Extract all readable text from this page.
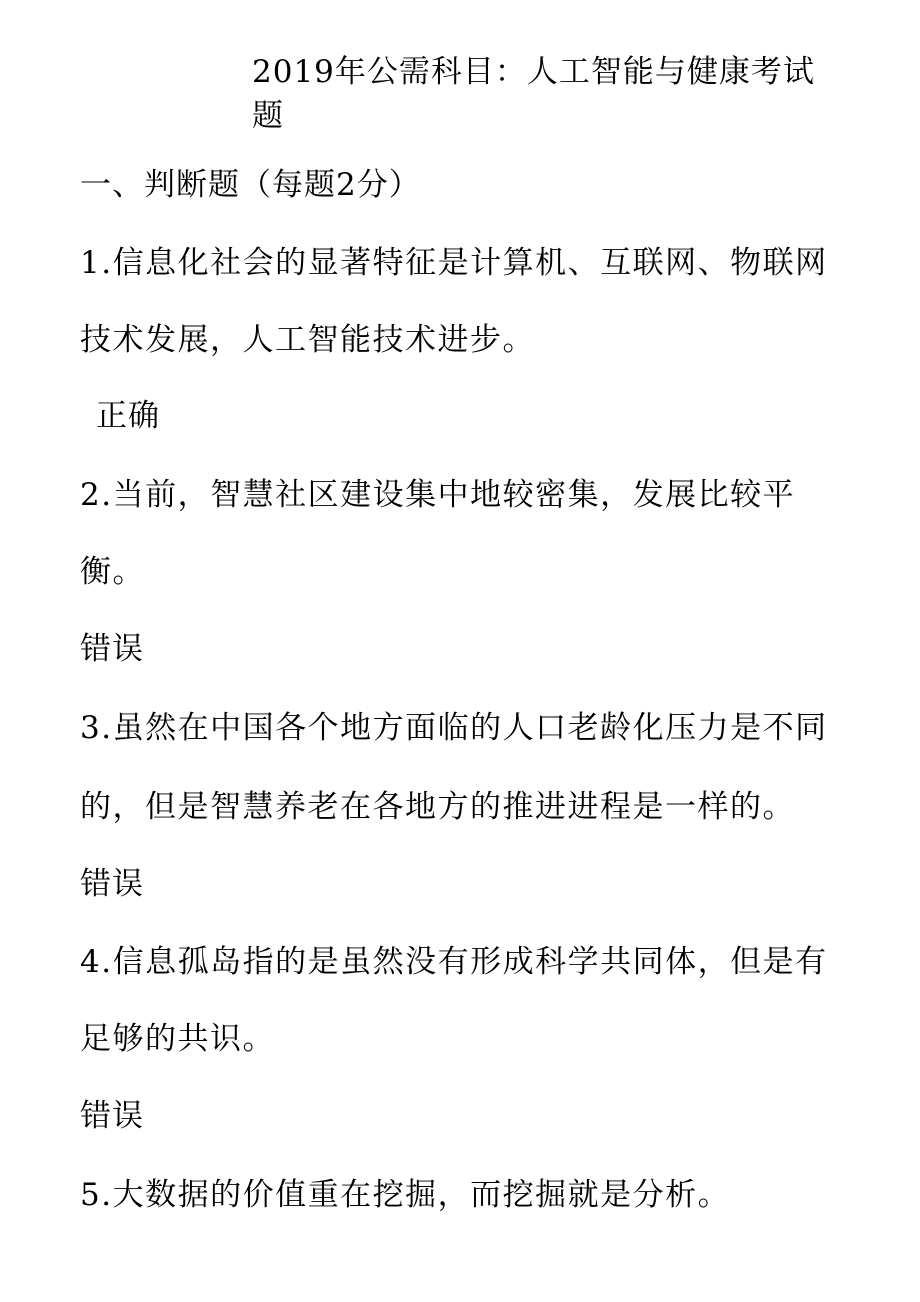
2019年公需科目：人工智能与健康考试
题
一、判断题（每题2分）
1.信息化社会的显著特征是计算机、互联网、物联网
技术发展，人工智能技术进步。
正确
2.当前，智慧社区建设集中地较密集，发展比较平
衡。
错误
3.虽然在中国各个地方面临的人口老龄化压力是不同
的，但是智慧养老在各地方的推进进程是一样的。
错误
4.信息孤岛指的是虽然没有形成科学共同体，但是有
足够的共识。
错误
5.大数据的价值重在挖掘，而挖掘就是分析。
